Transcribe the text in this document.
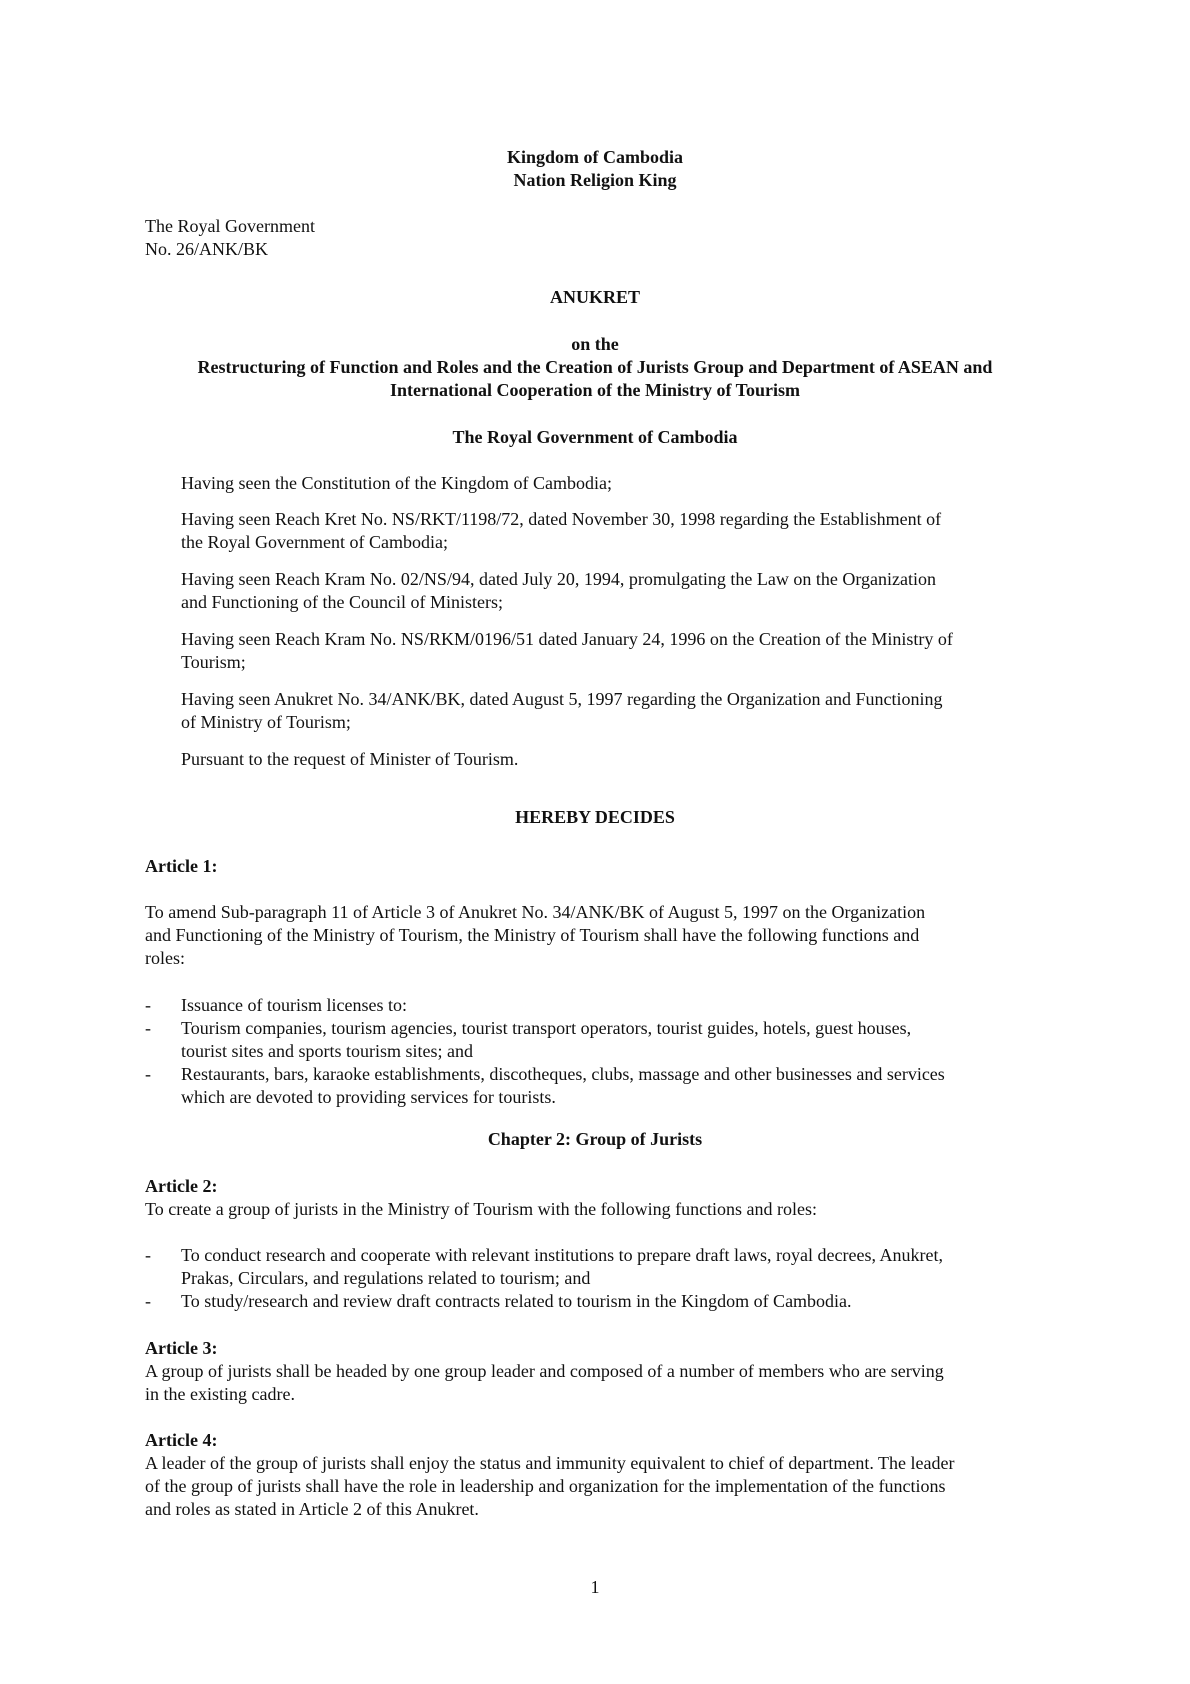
Kingdom of Cambodia
Nation Religion King
The Royal Government
No. 26/ANK/BK
ANUKRET
on the
Restructuring of Function and Roles and the Creation of Jurists Group and Department of ASEAN and
International Cooperation of the Ministry of Tourism
The Royal Government of Cambodia
Having seen the Constitution of the Kingdom of Cambodia;
Having seen Reach Kret No. NS/RKT/1198/72, dated November 30, 1998 regarding the Establishment of
the Royal Government of Cambodia;
Having seen Reach Kram No. 02/NS/94, dated July 20, 1994, promulgating the Law on the Organization
and Functioning of the Council of Ministers;
Having seen Reach Kram No. NS/RKM/0196/51 dated January 24, 1996 on the Creation of the Ministry of
Tourism;
Having seen Anukret No. 34/ANK/BK, dated August 5, 1997 regarding the Organization and Functioning
of Ministry of Tourism;
Pursuant to the request of Minister of Tourism.
HEREBY DECIDES
Article 1:
To amend Sub-paragraph 11 of Article 3 of Anukret No. 34/ANK/BK of August 5, 1997 on the Organization
and Functioning of the Ministry of Tourism, the Ministry of Tourism shall have the following functions and
roles:
- Issuance of tourism licenses to:
- Tourism companies, tourism agencies, tourist transport operators, tourist guides, hotels, guest houses,
tourist sites and sports tourism sites; and
- Restaurants, bars, karaoke establishments, discotheques, clubs, massage and other businesses and services
which are devoted to providing services for tourists.
Chapter 2: Group of Jurists
Article 2:
To create a group of jurists in the Ministry of Tourism with the following functions and roles:
- To conduct research and cooperate with relevant institutions to prepare draft laws, royal decrees, Anukret,
Prakas, Circulars, and regulations related to tourism; and
- To study/research and review draft contracts related to tourism in the Kingdom of Cambodia.
Article 3:
A group of jurists shall be headed by one group leader and composed of a number of members who are serving
in the existing cadre.
Article 4:
A leader of the group of jurists shall enjoy the status and immunity equivalent to chief of department. The leader
of the group of jurists shall have the role in leadership and organization for the implementation of the functions
and roles as stated in Article 2 of this Anukret.
1
